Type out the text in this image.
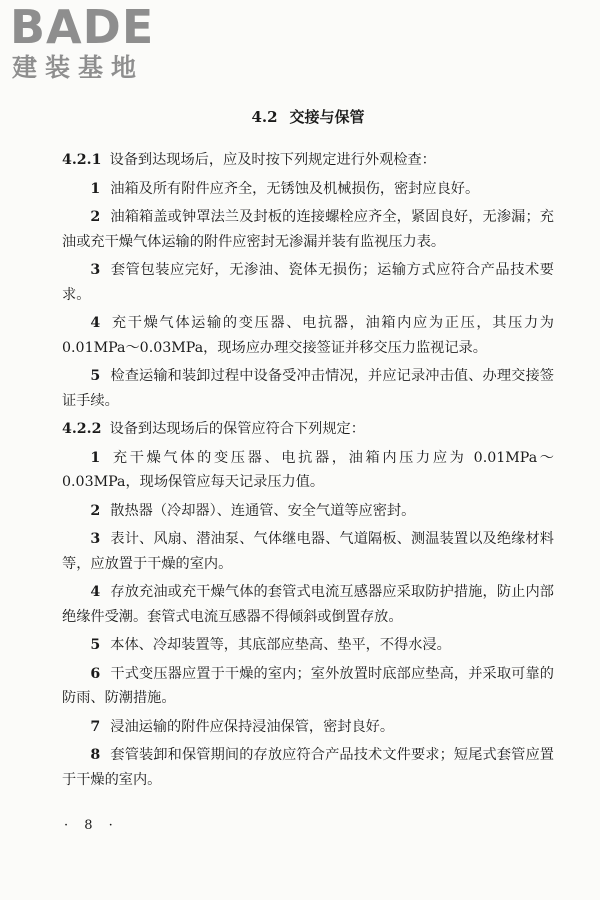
BADE
建装基地
4.2 交接与保管

4.2.1 设备到达现场后，应及时按下列规定进行外观检查：

1 油箱及所有附件应齐全，无锈蚀及机械损伤，密封应良好。

2 油箱箱盖或钟罩法兰及封板的连接螺栓应齐全，紧固良好，无渗漏；充油或充干燥气体运输的附件应密封无渗漏并装有监视压力表。

3 套管包装应完好，无渗油、瓷体无损伤；运输方式应符合产品技术要求。

4 充干燥气体运输的变压器、电抗器，油箱内应为正压，其压力为 0.01MPa～0.03MPa，现场应办理交接签证并移交压力监视记录。

5 检查运输和装卸过程中设备受冲击情况，并应记录冲击值、办理交接签证手续。

4.2.2 设备到达现场后的保管应符合下列规定：

1 充干燥气体的变压器、电抗器，油箱内压力应为 0.01MPa～0.03MPa，现场保管应每天记录压力值。

2 散热器（冷却器）、连通管、安全气道等应密封。

3 表计、风扇、潜油泵、气体继电器、气道隔板、测温装置以及绝缘材料等，应放置于干燥的室内。

4 存放充油或充干燥气体的套管式电流互感器应采取防护措施，防止内部绝缘件受潮。套管式电流互感器不得倾斜或倒置存放。

5 本体、冷却装置等，其底部应垫高、垫平，不得水浸。

6 干式变压器应置于干燥的室内；室外放置时底部应垫高，并采取可靠的防雨、防潮措施。

7 浸油运输的附件应保持浸油保管，密封良好。

8 套管装卸和保管期间的存放应符合产品技术文件要求；短尾式套管应置于干燥的室内。

· 8 ·
